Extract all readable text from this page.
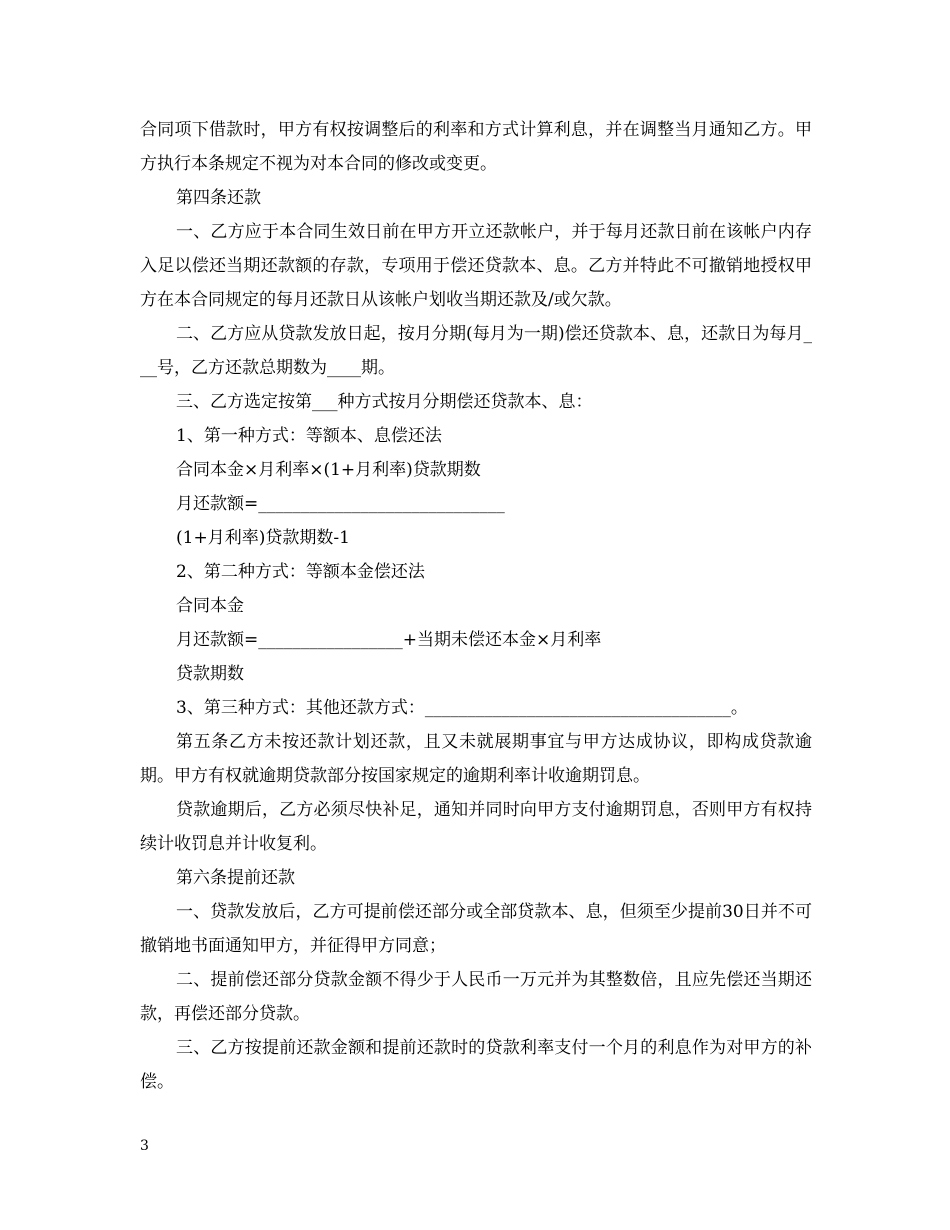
合同项下借款时，甲方有权按调整后的利率和方式计算利息，并在调整当月通知乙方。甲方执行本条规定不视为对本合同的修改或变更。

第四条还款

一、乙方应于本合同生效日前在甲方开立还款帐户，并于每月还款日前在该帐户内存入足以偿还当期还款额的存款，专项用于偿还贷款本、息。乙方并特此不可撤销地授权甲方在本合同规定的每月还款日从该帐户划收当期还款及/或欠款。

二、乙方应从贷款发放日起，按月分期(每月为一期)偿还贷款本、息，还款日为每月___号，乙方还款总期数为____期。

三、乙方选定按第___种方式按月分期偿还贷款本、息：

1、第一种方式：等额本、息偿还法

合同本金×月利率×(1+月利率)贷款期数

月还款额=_____________________________

(1+月利率)贷款期数-1

2、第二种方式：等额本金偿还法

合同本金

月还款额=_________________+当期未偿还本金×月利率

贷款期数

3、第三种方式：其他还款方式：____________________________________。

第五条乙方未按还款计划还款，且又未就展期事宜与甲方达成协议，即构成贷款逾期。甲方有权就逾期贷款部分按国家规定的逾期利率计收逾期罚息。

贷款逾期后，乙方必须尽快补足，通知并同时向甲方支付逾期罚息，否则甲方有权持续计收罚息并计收复利。

第六条提前还款

一、贷款发放后，乙方可提前偿还部分或全部贷款本、息，但须至少提前30日并不可撤销地书面通知甲方，并征得甲方同意；

二、提前偿还部分贷款金额不得少于人民币一万元并为其整数倍，且应先偿还当期还款，再偿还部分贷款。

三、乙方按提前还款金额和提前还款时的贷款利率支付一个月的利息作为对甲方的补偿。

3
